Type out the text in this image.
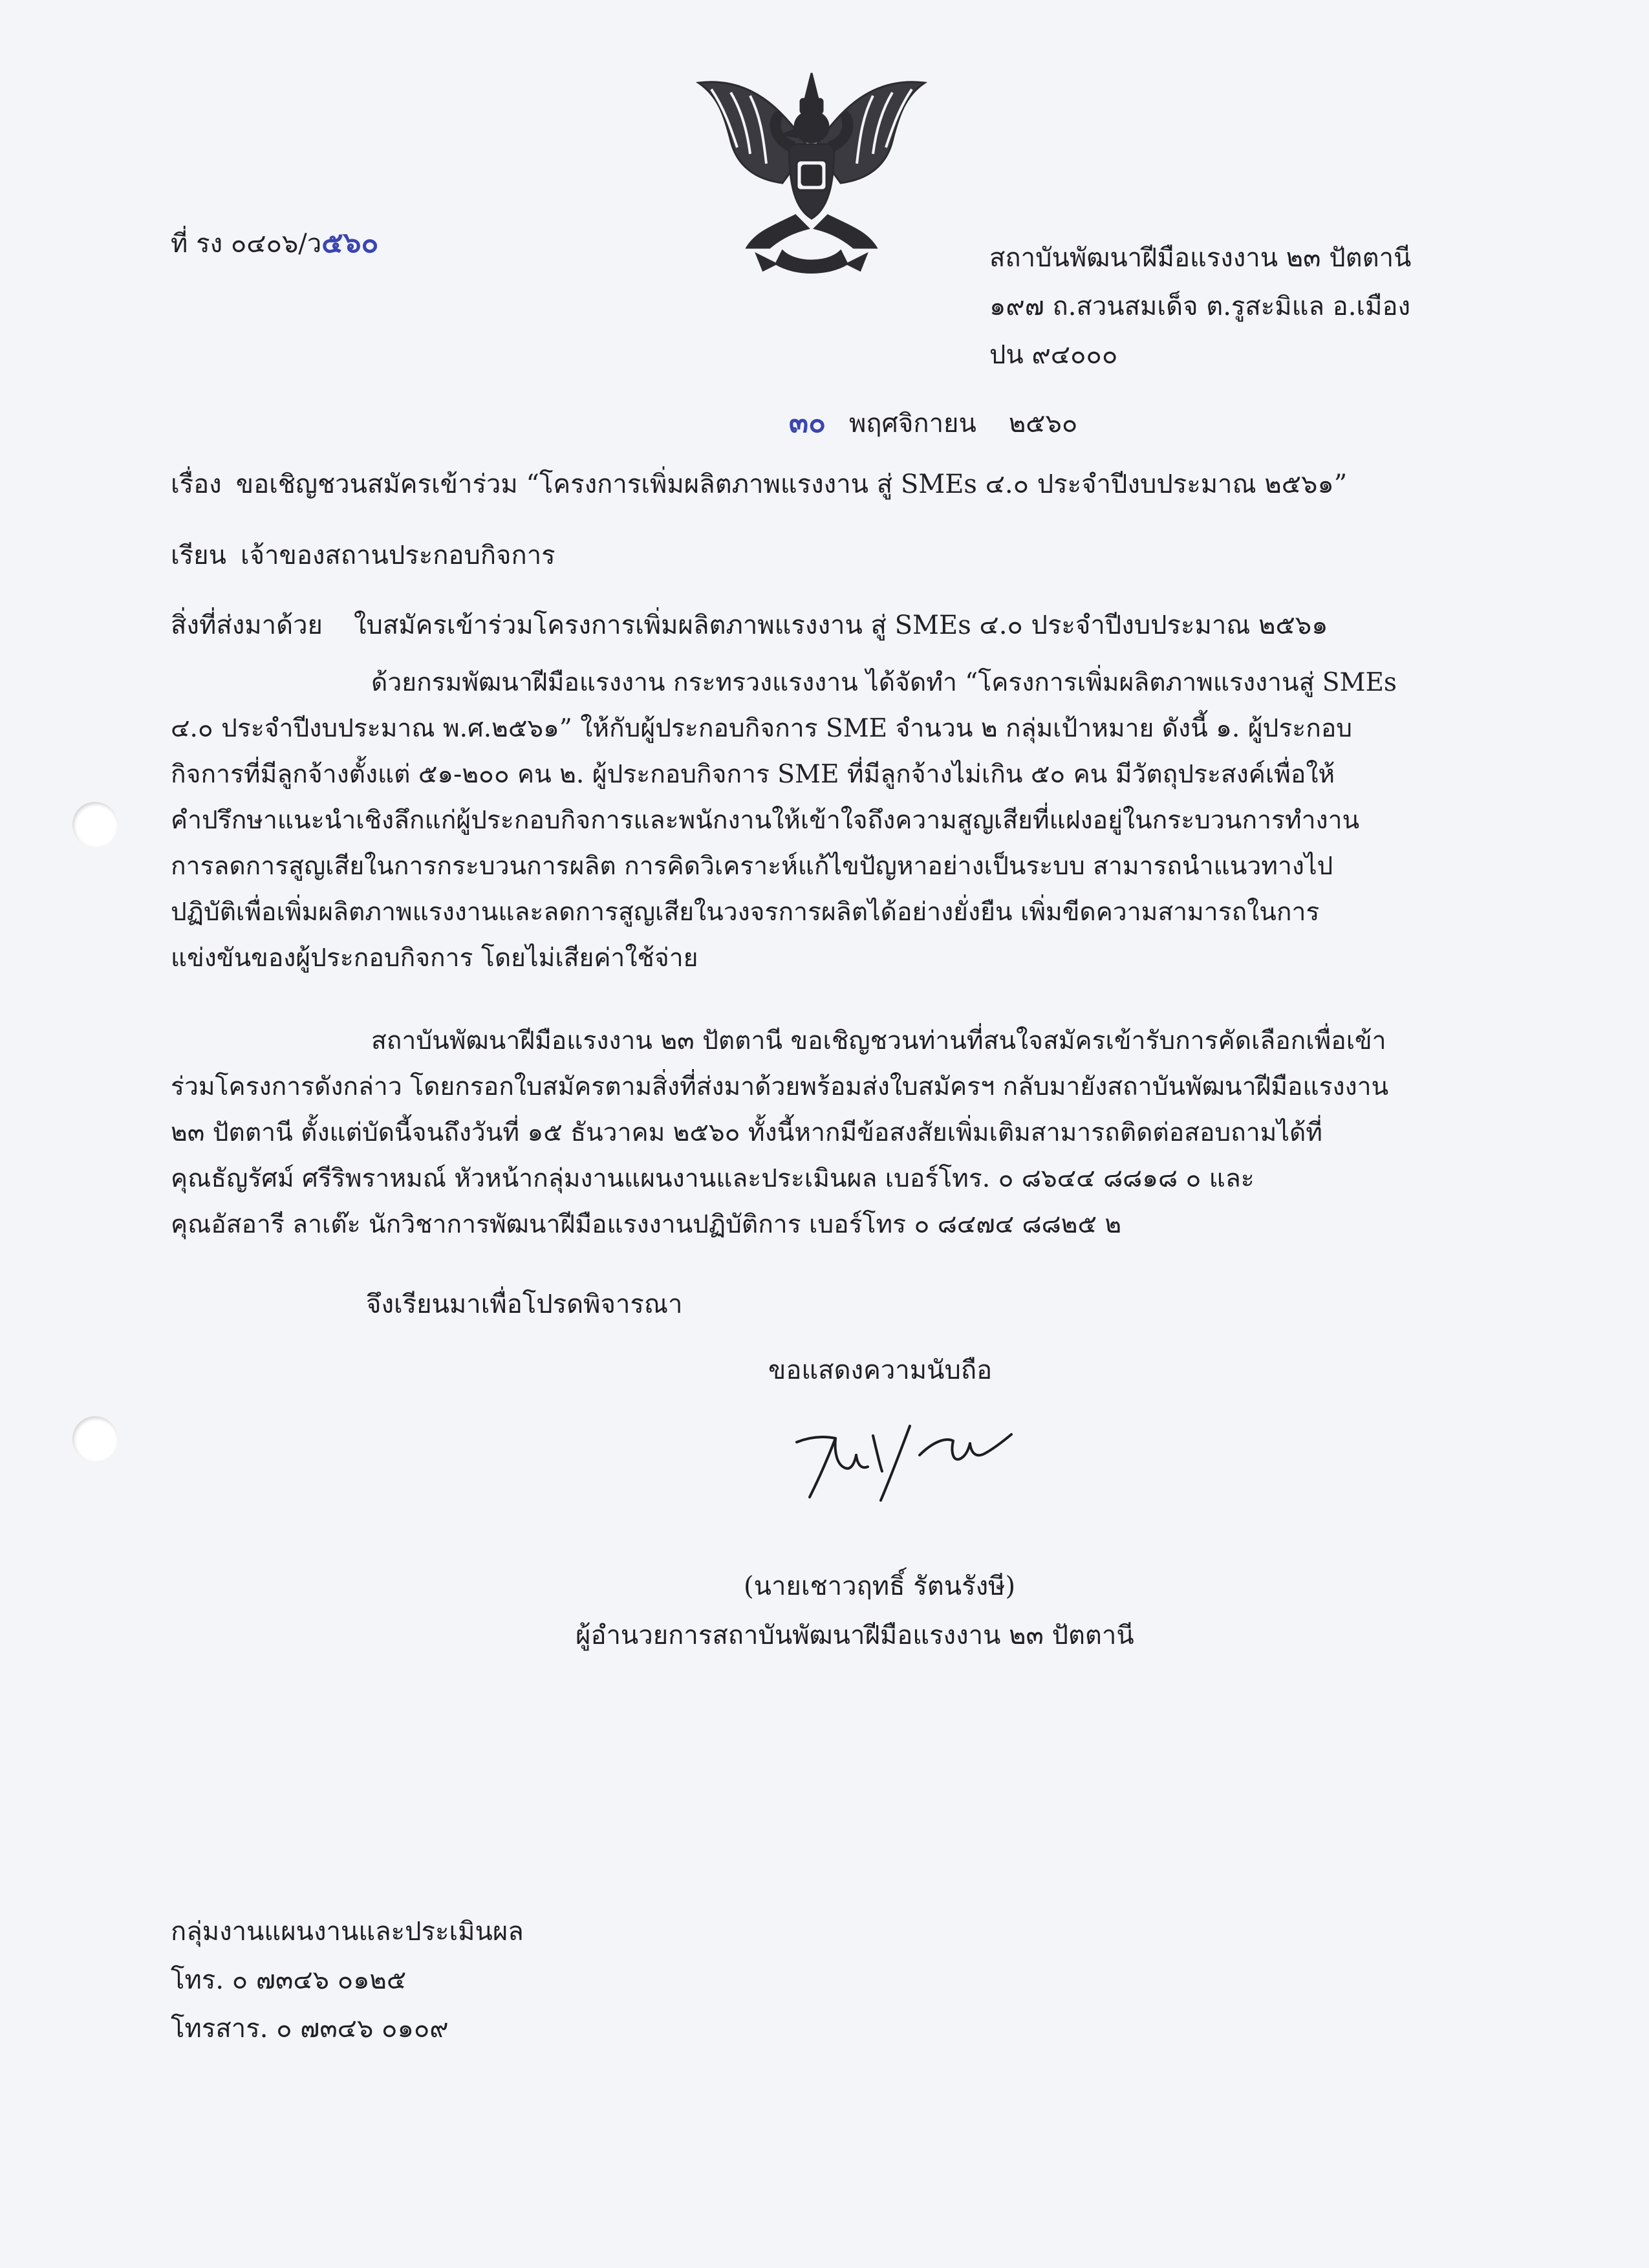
ที่ รง ๐๔๐๖/ว๕๖๐	สถาบันพัฒนาฝีมือแรงงาน ๒๓ ปัตตานี
๑๙๗ ถ.สวนสมเด็จ ต.รูสะมิแล อ.เมือง
ปน ๙๔๐๐๐
๓๐ พฤศจิกายน ๒๕๖๐
เรื่อง ขอเชิญชวนสมัครเข้าร่วม “โครงการเพิ่มผลิตภาพแรงงาน สู่ SMEs ๔.๐ ประจำปีงบประมาณ ๒๕๖๑”
เรียน เจ้าของสถานประกอบกิจการ
สิ่งที่ส่งมาด้วย ใบสมัครเข้าร่วมโครงการเพิ่มผลิตภาพแรงงาน สู่ SMEs ๔.๐ ประจำปีงบประมาณ ๒๕๖๑
ด้วยกรมพัฒนาฝีมือแรงงาน กระทรวงแรงงาน ได้จัดทำ “โครงการเพิ่มผลิตภาพแรงงานสู่ SMEs
๔.๐ ประจำปีงบประมาณ พ.ศ.๒๕๖๑” ให้กับผู้ประกอบกิจการ SME จำนวน ๒ กลุ่มเป้าหมาย ดังนี้ ๑. ผู้ประกอบ
กิจการที่มีลูกจ้างตั้งแต่ ๕๑-๒๐๐ คน ๒. ผู้ประกอบกิจการ SME ที่มีลูกจ้างไม่เกิน ๕๐ คน มีวัตถุประสงค์เพื่อให้
คำปรึกษาแนะนำเชิงลึกแก่ผู้ประกอบกิจการและพนักงานให้เข้าใจถึงความสูญเสียที่แฝงอยู่ในกระบวนการทำงาน
การลดการสูญเสียในการกระบวนการผลิต การคิดวิเคราะห์แก้ไขปัญหาอย่างเป็นระบบ สามารถนำแนวทางไป
ปฏิบัติเพื่อเพิ่มผลิตภาพแรงงานและลดการสูญเสียในวงจรการผลิตได้อย่างยั่งยืน เพิ่มขีดความสามารถในการ
แข่งขันของผู้ประกอบกิจการ โดยไม่เสียค่าใช้จ่าย
สถาบันพัฒนาฝีมือแรงงาน ๒๓ ปัตตานี ขอเชิญชวนท่านที่สนใจสมัครเข้ารับการคัดเลือกเพื่อเข้า
ร่วมโครงการดังกล่าว โดยกรอกใบสมัครตามสิ่งที่ส่งมาด้วยพร้อมส่งใบสมัครฯ กลับมายังสถาบันพัฒนาฝีมือแรงงาน
๒๓ ปัตตานี ตั้งแต่บัดนี้จนถึงวันที่ ๑๕ ธันวาคม ๒๕๖๐ ทั้งนี้หากมีข้อสงสัยเพิ่มเติมสามารถติดต่อสอบถามได้ที่
คุณธัญรัศม์ ศรีริพราหมณ์ หัวหน้ากลุ่มงานแผนงานและประเมินผล เบอร์โทร. ๐ ๘๖๔๔ ๘๘๑๘ ๐ และ
คุณอัสอารี ลาเต๊ะ นักวิชาการพัฒนาฝีมือแรงงานปฏิบัติการ เบอร์โทร ๐ ๘๔๗๔ ๘๘๒๕ ๒
จึงเรียนมาเพื่อโปรดพิจารณา
ขอแสดงความนับถือ
(นายเชาวฤทธิ์ รัตนรังษี)
ผู้อำนวยการสถาบันพัฒนาฝีมือแรงงาน ๒๓ ปัตตานี
กลุ่มงานแผนงานและประเมินผล
โทร. ๐ ๗๓๔๖ ๐๑๒๕
โทรสาร. ๐ ๗๓๔๖ ๐๑๐๙
